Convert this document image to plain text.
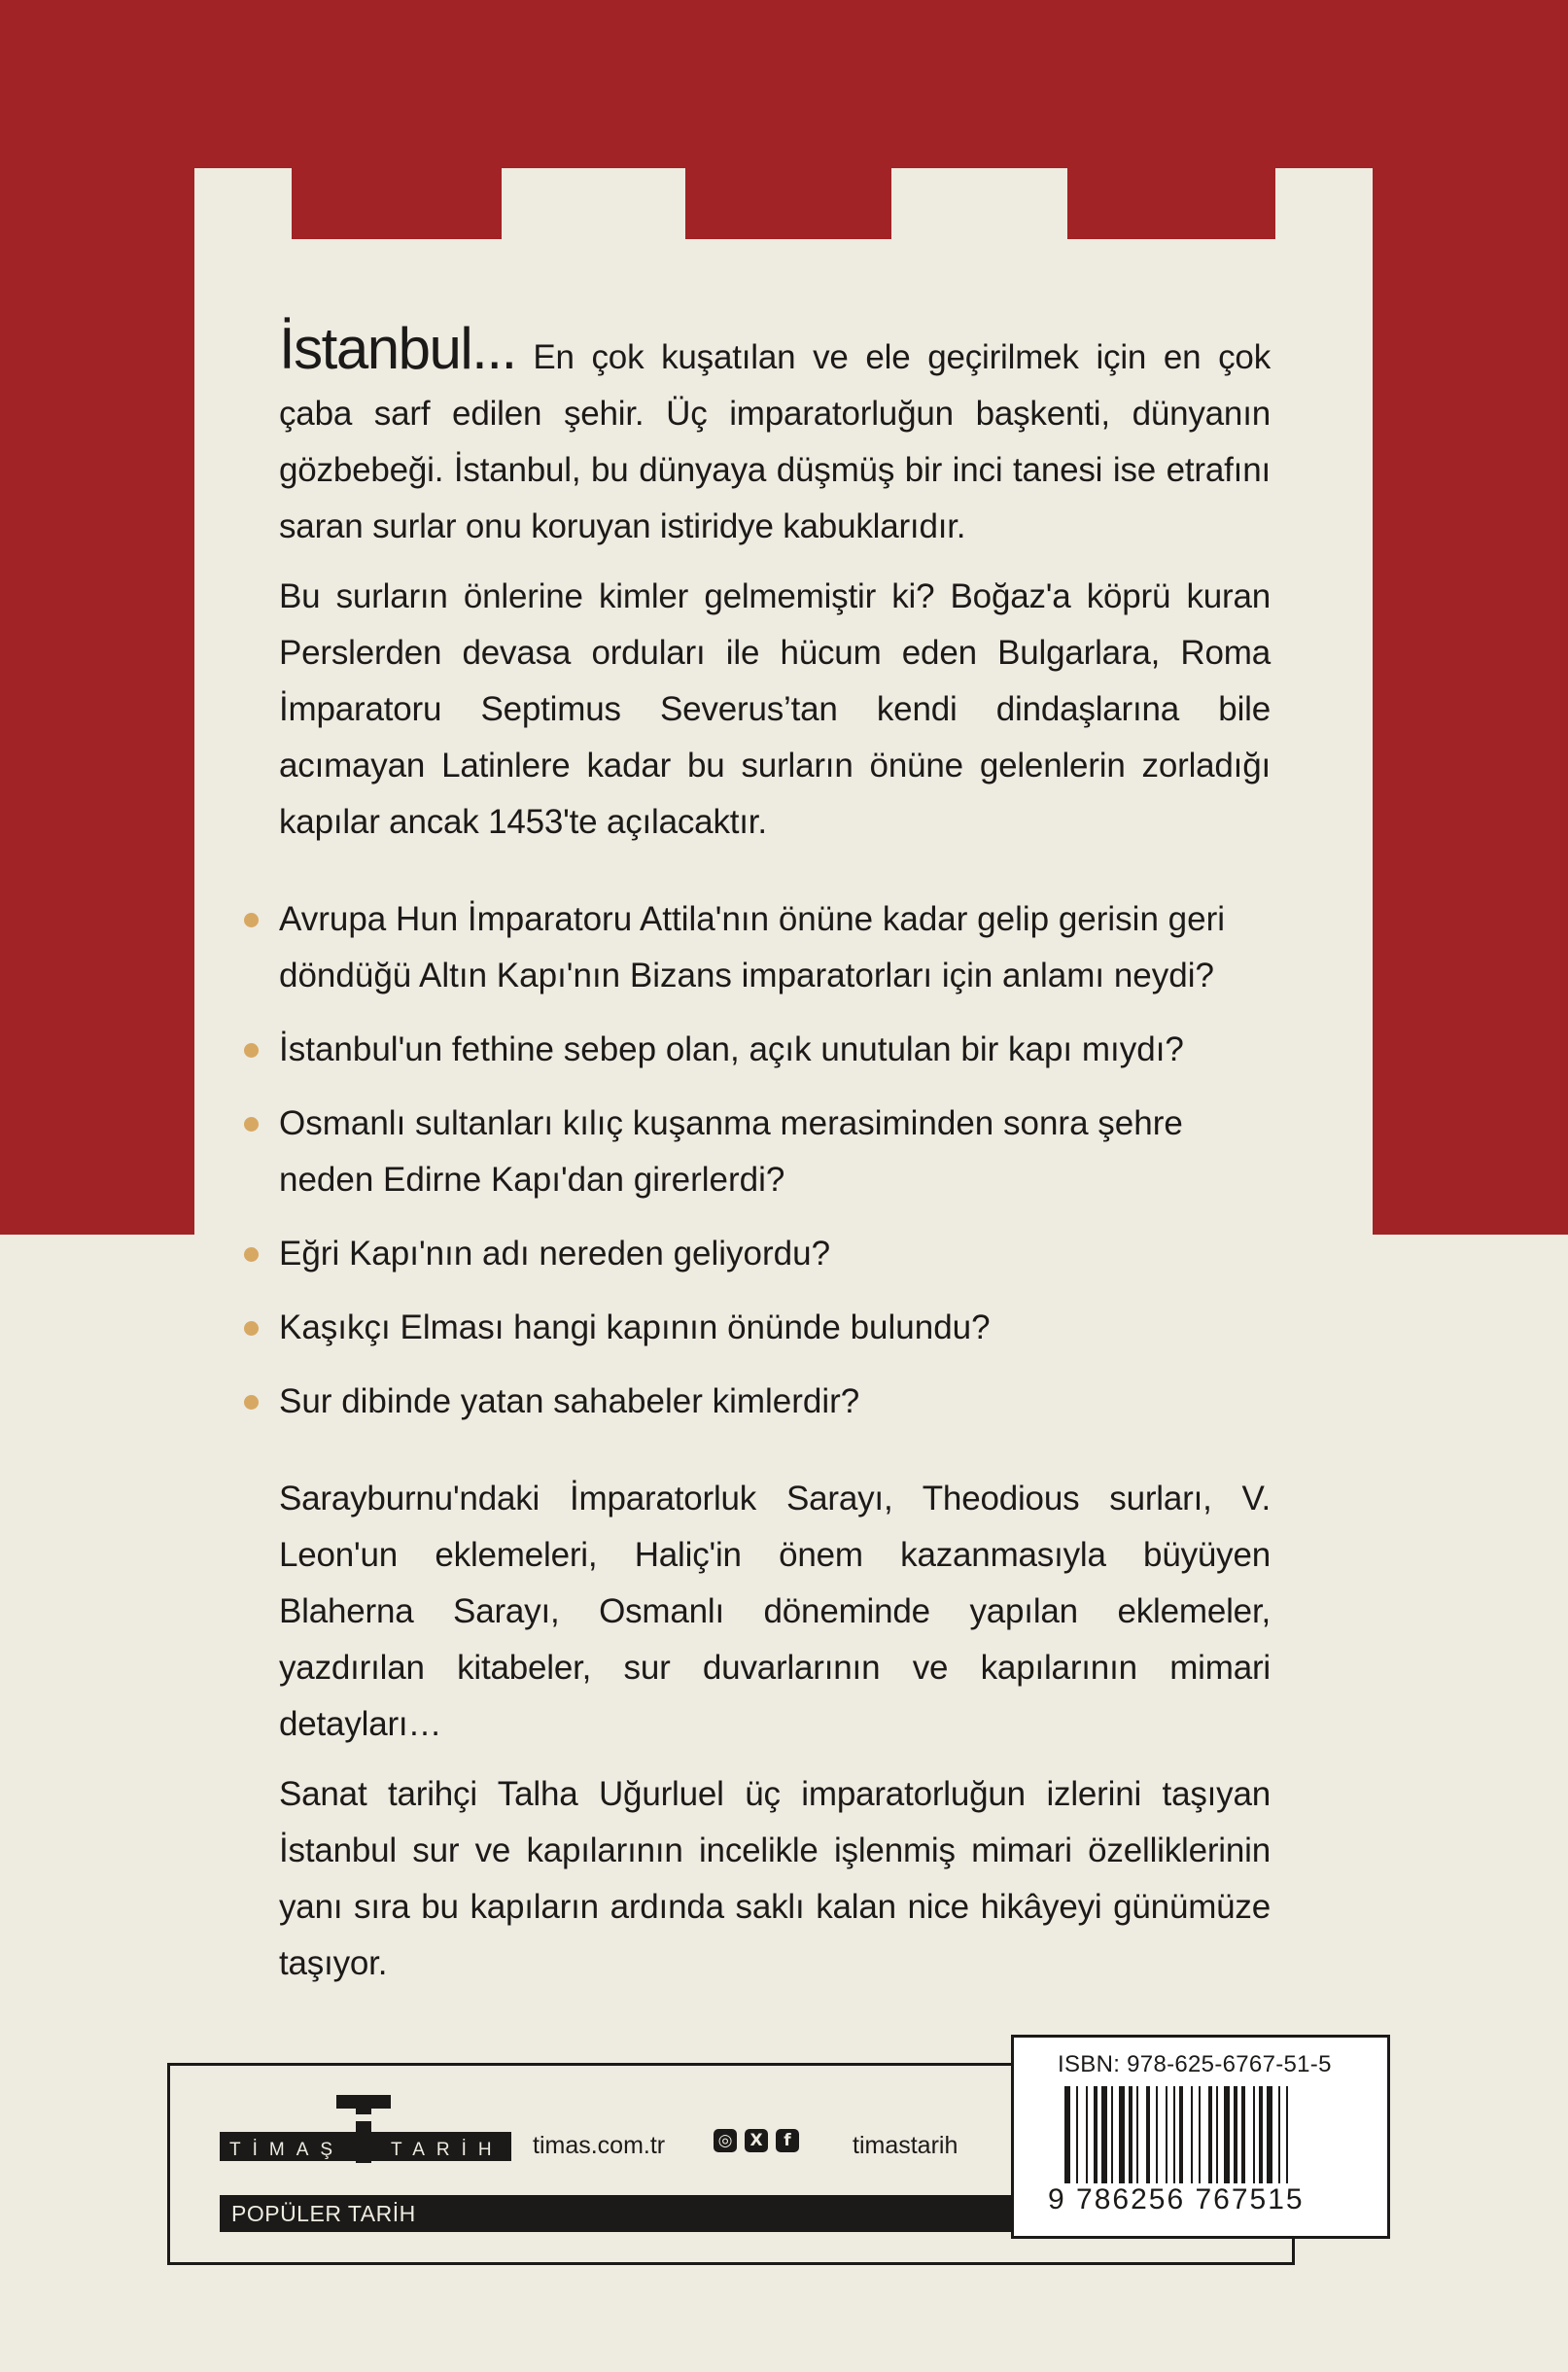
İstanbul... En çok kuşatılan ve ele geçirilmek için en çok çaba sarf edilen şehir. Üç imparatorluğun başkenti, dünyanın gözbebeği. İstanbul, bu dünyaya düşmüş bir inci tanesi ise etrafını saran surlar onu koruyan istiridye kabuklarıdır.

Bu surların önlerine kimler gelmemiştir ki? Boğaz'a köprü kuran Perslerden devasa orduları ile hücum eden Bulgarlara, Roma İmparatoru Septimus Severus’tan kendi dindaşlarına bile acımayan Latinlere kadar bu surların önüne gelenlerin zorladığı kapılar ancak 1453'te açılacaktır.

Avrupa Hun İmparatoru Attila'nın önüne kadar gelip gerisin geri döndüğü Altın Kapı'nın Bizans imparatorları için anlamı neydi?
İstanbul'un fethine sebep olan, açık unutulan bir kapı mıydı?
Osmanlı sultanları kılıç kuşanma merasiminden sonra şehre neden Edirne Kapı'dan girerlerdi?
Eğri Kapı'nın adı nereden geliyordu?
Kaşıkçı Elması hangi kapının önünde bulundu?
Sur dibinde yatan sahabeler kimlerdir?

Sarayburnu'ndaki İmparatorluk Sarayı, Theodious surları, V. Leon'un eklemeleri, Haliç'in önem kazanmasıyla büyüyen Blaherna Sarayı, Osmanlı döneminde yapılan eklemeler, yazdırılan kitabeler, sur duvarlarının ve kapılarının mimari detayları…

Sanat tarihçi Talha Uğurluel üç imparatorluğun izlerini taşıyan İstanbul sur ve kapılarının incelikle işlenmiş mimari özelliklerinin yanı sıra bu kapıların ardında saklı kalan nice hikâyeyi günümüze taşıyor.

TİMAŞ	TARİH timas.com.tr	◎	X	f	timastarih
POPÜLER TARİH
ISBN: 978-625-6767-51-5
9 786256 767515
